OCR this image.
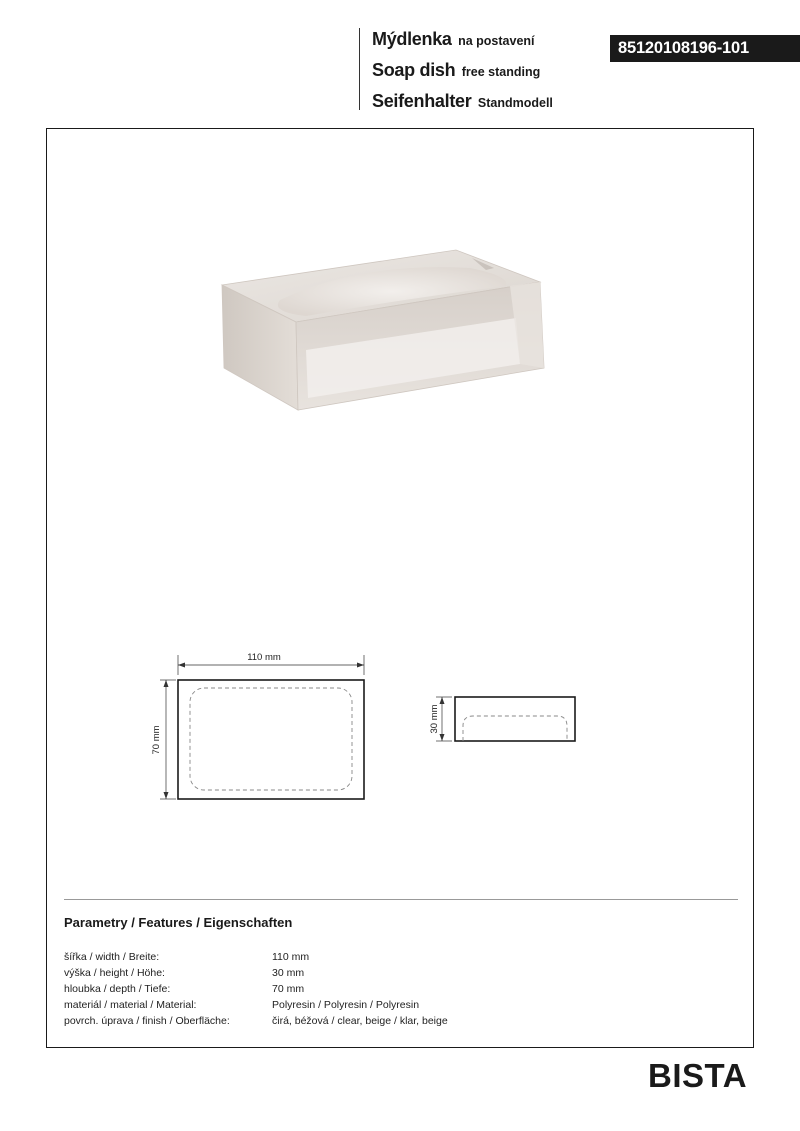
Mýdlenka na postavení
Soap dish free standing
Seifenhalter Standmodell
85120108196-101
110 mm
70 mm
30 mm
Parametry / Features / Eigenschaften
šířka / width / Breite:	110 mm
výška / height / Höhe:	30 mm
hloubka / depth / Tiefe:	70 mm
materiál / material / Material:	Polyresin / Polyresin / Polyresin
povrch. úprava / finish / Oberfläche:	čirá, béžová / clear, beige / klar, beige
BISTA
